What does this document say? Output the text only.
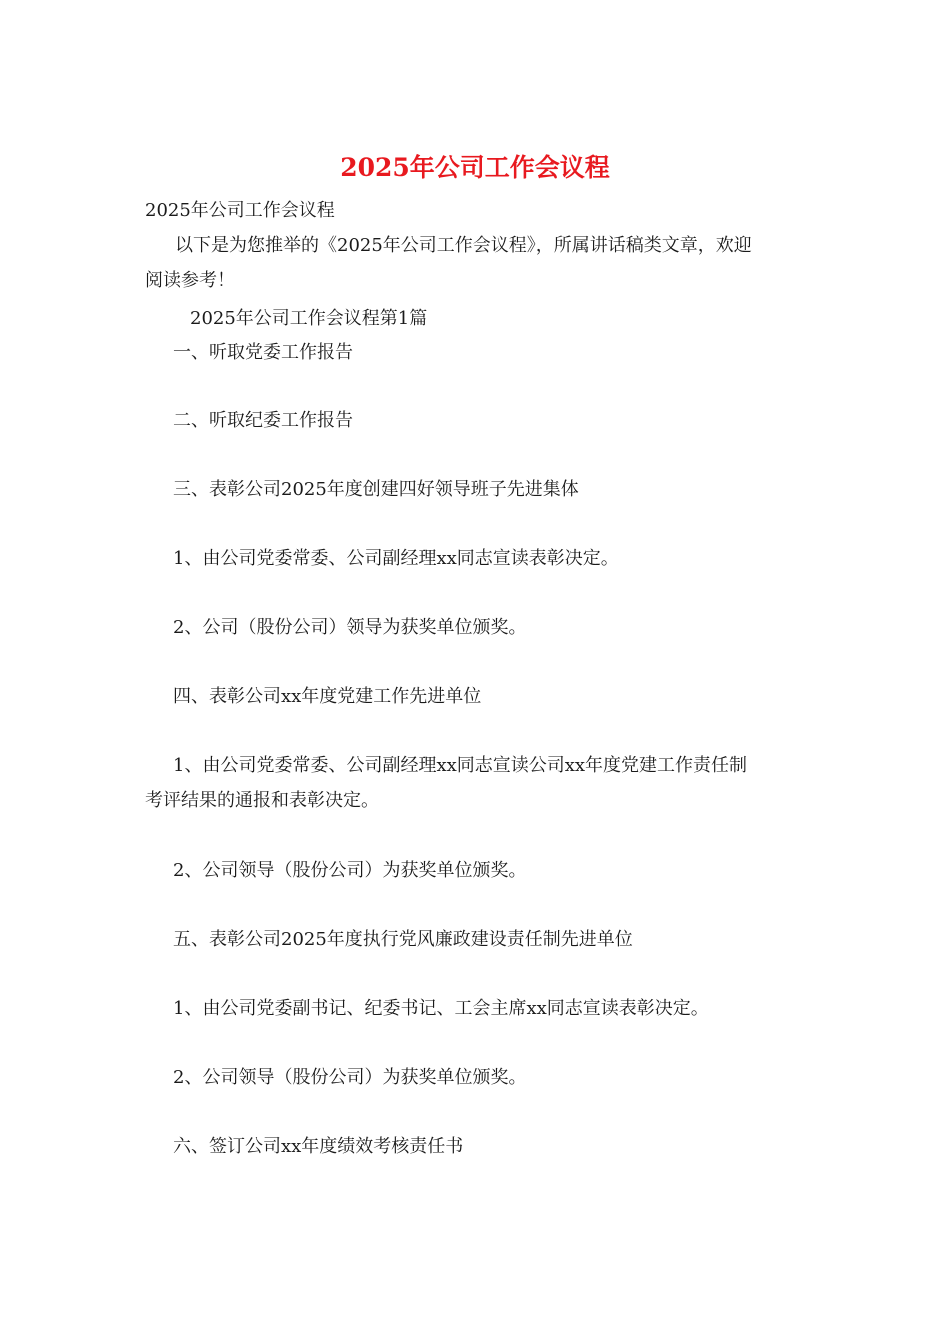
2025年公司工作会议程
2025年公司工作会议程
以下是为您推举的《2025年公司工作会议程》，所属讲话稿类文章，欢迎
阅读参考！
2025年公司工作会议程第1篇
一、听取党委工作报告
二、听取纪委工作报告
三、表彰公司2025年度创建四好领导班子先进集体
1、由公司党委常委、公司副经理xx同志宣读表彰决定。
2、公司（股份公司）领导为获奖单位颁奖。
四、表彰公司xx年度党建工作先进单位
1、由公司党委常委、公司副经理xx同志宣读公司xx年度党建工作责任制
考评结果的通报和表彰决定。
2、公司领导（股份公司）为获奖单位颁奖。
五、表彰公司2025年度执行党风廉政建设责任制先进单位
1、由公司党委副书记、纪委书记、工会主席xx同志宣读表彰决定。
2、公司领导（股份公司）为获奖单位颁奖。
六、签订公司xx年度绩效考核责任书
